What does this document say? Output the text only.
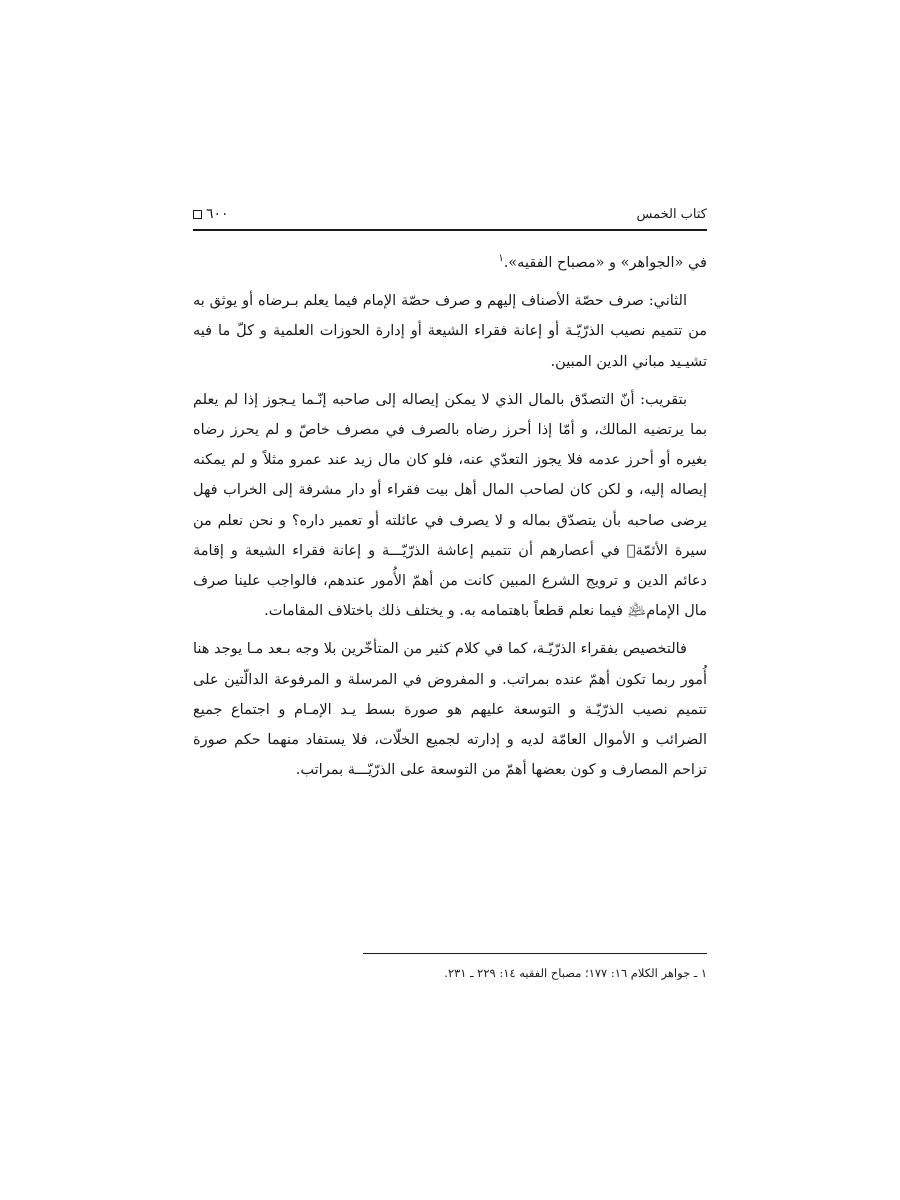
٦٠٠	كتاب الخمس

في «الجواهر» و «مصباح الفقيه».$^١$

الثاني: صرف حصّة الأصناف إليهم و صرف حصّة الإمام فيما يعلم بـرضاه أو يوثق به من تتميم نصيب الذرّيّـة أو إعانة فقراء الشيعة أو إدارة الحوزات العلمية و كلّ ما فيه تشيـيد مباني الدين المبين.

بتقريب: أنّ التصدّق بالمال الذي لا يمكن إيصاله إلى صاحبه إنّـما يـجوز إذا لم يعلم بما يرتضيه المالك، و أمّا إذا أحرز رضاه بالصرف في مصرف خاصّ و لم يحرز رضاه بغيره أو أحرز عدمه فلا يجوز التعدّي عنه، فلو كان مال زيد عند عمرو مثلاً و لم يمكنه إيصاله إليه، و لكن كان لصاحب المال أهل بيت فقراء أو دار مشرفة إلى الخراب فهل يرضى صاحبه بأن يتصدّق بماله و لا يصرف في عائلته أو تعمير داره؟ و نحن نعلم من سيرة الأئمّة﷩ في أعصارهم أن تتميم إعاشة الذرّيّـــة و إعانة فقراء الشيعة و إقامة دعائم الدين و ترويج الشرع المبين كانت من أهمّ الأُمور عندهم، فالواجب علينا صرف مال الإمام﵇ فيما نعلم قطعاً باهتمامه به. و يختلف ذلك باختلاف المقامات.

فالتخصيص بفقراء الذرّيّـة، كما في كلام كثير من المتأخّرين بلا وجه بـعد مـا يوجد هنا أُمور ربما تكون أهمّ عنده بمراتب. و المفروض في المرسلة و المرفوعة الدالّتين على تتميم نصيب الذرّيّـة و التوسعة عليهم هو صورة بسط يـد الإمـام و اجتماع جميع الضرائب و الأموال العامّة لديه و إدارته لجميع الخلّات، فلا يستفاد منهما حكم صورة تزاحم المصارف و كون بعضها أهمّ من التوسعة على الذرّيّـــة بمراتب.

١ ـ جواهر الكلام ١٦: ١٧٧؛ مصباح الفقيه ١٤: ٢٢٩ ـ ٢٣١.
